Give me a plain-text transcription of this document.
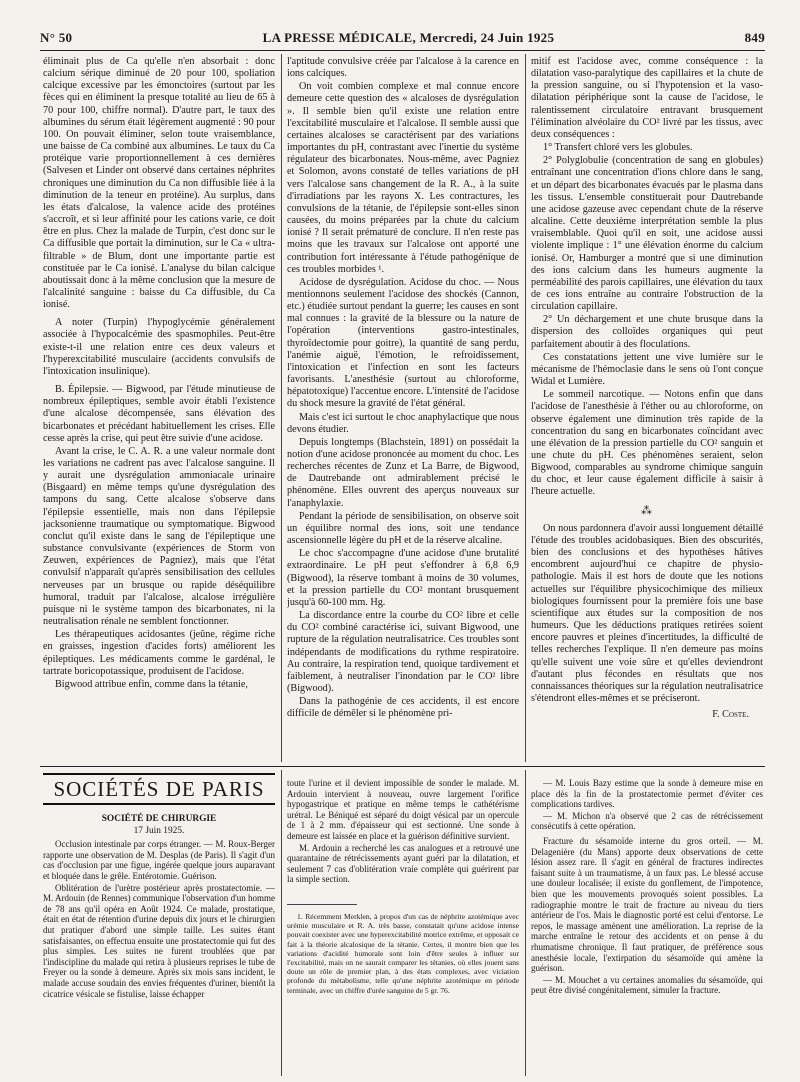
N° 50	LA PRESSE MÉDICALE, Mercredi, 24 Juin 1925	849

éliminait plus de Ca qu'elle n'en absorbait : donc calcium sérique diminué de 20 pour 100, spoliation calcique excessive par les émonctoires (surtout par les fèces qui en éliminent la presque totalité au lieu de 65 à 70 pour 100, chiffre normal). D'autre part, le taux des albumines du sérum était légèrement augmenté : 90 pour 100. On pouvait éliminer, selon toute vraisemblance, une baisse de Ca combiné aux albumines. Le taux du Ca protéique varie proportionnellement à ces dernières (Salvesen et Linder ont observé dans certaines néphrites chroniques une diminution du Ca non diffusible liée à la diminution de la teneur en protéine). Au surplus, dans les états d'alcalose, la valence acide des protéines s'accroît, et si leur affinité pour les cations varie, ce doit être en plus. Chez la malade de Turpin, c'est donc sur le Ca diffusible que portait la diminution, sur le Ca « ultra-filtrable » de Blum, dont une importante partie est constituée par le Ca ionisé. L'analyse du bilan calcique aboutissait donc à la même conclusion que la mesure de l'alcalinité sanguine : baisse du Ca diffusible, du Ca ionisé.

A noter (Turpin) l'hypoglycémie généralement associée à l'hypocalcémie des spasmophiles. Peut-être existe-t-il une relation entre ces deux valeurs et l'hyperexcitabilité musculaire (accidents convulsifs de l'intoxication insulinique).

B. Épilepsie. — Bigwood, par l'étude minutieuse de nombreux épileptiques, semble avoir établi l'existence d'une alcalose décompensée, sans élévation des bicarbonates et précédant habituellement les crises. Elle cesse après la crise, qui peut être suivie d'une acidose.

Avant la crise, le C. A. R. a une valeur normale dont les variations ne cadrent pas avec l'alcalose sanguine. Il y aurait une dysrégulation ammoniacale urinaire (Bisgaard) en même temps qu'une dysrégulation des tampons du sang. Cette alcalose s'observe dans l'épilepsie essentielle, mais non dans l'épilepsie jacksonienne traumatique ou symptomatique. Bigwood conclut qu'il existe dans le sang de l'épileptique une substance convulsivante (expériences de Storm von Zeuwen, expériences de Pagniez), mais que l'état convulsif n'apparaît qu'après sensibilisation des cellules nerveuses par un brusque ou rapide déséquilibre humoral, traduit par l'alcalose, alcalose irrégulière puisque ni le système tampon des bicarbonates, ni la neutralisation rénale ne semblent fonctionner.

Les thérapeutiques acidosantes (jeûne, régime riche en graisses, ingestion d'acides forts) améliorent les épileptiques. Les médicaments comme le gardénal, le tartrate boricopotassique, produisent de l'acidose.

Bigwood attribue enfin, comme dans la tétanie,

l'aptitude convulsive créée par l'alcalose à la carence en ions calciques.

On voit combien complexe et mal connue encore demeure cette question des « alcaloses de dysrégulation ». Il semble bien qu'il existe une relation entre l'excitabilité musculaire et l'alcalose. Il semble aussi que certaines alcaloses se caractérisent par des variations importantes du pH, contrastant avec l'inertie du système régulateur des bicarbonates. Nous-même, avec Pagniez et Solomon, avons constaté de telles variations de pH vers l'alcalose sans changement de la R. A., à la suite d'irradiations par les rayons X. Les contractures, les convulsions de la tétanie, de l'épilepsie sont-elles sinon causées, du moins préparées par la chute du calcium ionisé ? Il serait prématuré de conclure. Il n'en reste pas moins que les travaux sur l'alcalose ont apporté une contribution fort intéressante à l'étude pathogénique de ces troubles morbides ¹.

Acidose de dysrégulation. Acidose du choc. — Nous mentionnons seulement l'acidose des shockés (Cannon, etc.) étudiée surtout pendant la guerre; les causes en sont mal connues : la gravité de la blessure ou la nature de l'opération (interventions gastro-intestinales, thyroïdectomie pour goitre), la quantité de sang perdu, l'anémie aiguë, l'émotion, le refroidissement, l'intoxication et l'infection en sont les facteurs favorisants. L'anesthésie (surtout au chloroforme, hépatotoxique) l'accentue encore. L'intensité de l'acidose du shock mesure la gravité de l'état général.

Mais c'est ici surtout le choc anaphylactique que nous devons étudier.

Depuis longtemps (Blachstein, 1891) on possédait la notion d'une acidose prononcée au moment du choc. Les recherches récentes de Zunz et La Barre, de Bigwood, de Dautrebande ont admirablement précisé le phénomène. Elles ouvrent des aperçus nouveaux sur l'anaphylaxie.

Pendant la période de sensibilisation, on observe soit un équilibre normal des ions, soit une tendance ascensionnelle légère du pH et de la réserve alcaline.

Le choc s'accompagne d'une acidose d'une brutalité extraordinaire. Le pH peut s'effondrer à 6,8 6,9 (Bigwood), la réserve tombant à moins de 30 volumes, et la pression partielle du CO² montant brusquement jusqu'à 60-100 mm. Hg.

La discordance entre la courbe du CO² libre et celle du CO² combiné caractérise ici, suivant Bigwood, une rupture de la régulation neutralisatrice. Ces troubles sont indépendants de modifications du rythme respiratoire. Au contraire, la respiration tend, quoique tardivement et faiblement, à neutraliser l'inondation par le CO² libre (Bigwood).

Dans la pathogénie de ces accidents, il est encore difficile de démêler si le phénomène pri-

mitif est l'acidose avec, comme conséquence : la dilatation vaso-paralytique des capillaires et la chute de la pression sanguine, ou si l'hypotension et la vaso-dilatation périphérique sont la cause de l'acidose, le ralentissement circulatoire entravant brusquement l'élimination alvéolaire du CO² livré par les tissus, avec deux conséquences :

1° Transfert chloré vers les globules.

2° Polyglobulie (concentration de sang en globules) entraînant une concentration d'ions chlore dans le sang, et un départ des bicarbonates évacués par le plasma dans les tissus. L'ensemble constituerait pour Dautrebande une acidose gazeuse avec cependant chute de la réserve alcaline. Cette deuxième interprétation semble la plus vraisemblable. Quoi qu'il en soit, une acidose aussi violente implique : 1° une élévation énorme du calcium ionisé. Or, Hamburger a montré que si une diminution des ions calcium dans les humeurs augmente la perméabilité des parois capillaires, une élévation du taux de ces ions entraîne au contraire l'obstruction de la circulation capillaire.

2° Un déchargement et une chute brusque dans la dispersion des colloïdes organiques qui peut parfaitement aboutir à des floculations.

Ces constatations jettent une vive lumière sur le mécanisme de l'hémoclasie dans le sens où l'ont conçue Widal et Lumière.

Le sommeil narcotique. — Notons enfin que dans l'acidose de l'anesthésie à l'éther ou au chloroforme, on observe également une diminution très rapide de la concentration du sang en bicarbonates coïncidant avec une élévation de la pression partielle du CO² sanguin et une chute du pH. Ces phénomènes seraient, selon Bigwood, comparables au syndrome chimique sanguin du choc, et leur cause également difficile à saisir à l'heure actuelle.

⁂

On nous pardonnera d'avoir aussi longuement détaillé l'étude des troubles acidobasiques. Bien des obscurités, bien des conclusions et des hypothèses hâtives encombrent aujourd'hui ce chapitre de physio-pathologie. Mais il est hors de doute que les notions actuelles sur l'équilibre physicochimique des milieux biologiques fournissent pour la première fois une base scientifique aux études sur la composition de nos humeurs. Que les déductions pratiques retirées soient encore pauvres et pleines d'incertitudes, la difficulté de telles recherches l'explique. Il n'en demeure pas moins qu'elle suivent une voie sûre et qu'elles deviendront d'autant plus fécondes en résultats que nos connaissances théoriques sur la régulation neutralisatrice s'étendront elles-mêmes et se préciseront.

F. Coste.
SOCIÉTÉS DE PARIS
SOCIÉTÉ DE CHIRURGIE
17 Juin 1925.

Occlusion intestinale par corps étranger. — M. Roux-Berger rapporte une observation de M. Desplas (de Paris). Il s'agit d'un cas d'occlusion par une figue, ingérée quelque jours auparavant et bloquée dans le grêle. Entérotomie. Guérison.

Oblitération de l'urètre postérieur après prostatectomie. — M. Ardouin (de Rennes) communique l'observation d'un homme de 78 ans qu'il opéra en Août 1924. Ce malade, prostatique, était en état de rétention d'urine depuis dix jours et le chirurgien dut pratiquer d'abord une simple taille. Les suites étant satisfaisantes, on effectua ensuite une prostatectomie qui fut des plus simples. Les suites ne furent troublées que par l'indiscipline du malade qui retira à plusieurs reprises le tube de Freyer ou la sonde à demeure. Après six mois sans incident, le malade accuse soudain des envies fréquentes d'uriner, bientôt la cicatrice vésicale se fistulise, laisse échapper

toute l'urine et il devient impossible de sonder le malade. M. Ardouin intervient à nouveau, ouvre largement l'orifice hypogastrique et pratique en même temps le cathétérisme urétral. Le Béniqué est séparé du doigt vésical par un opercule de 1 à 2 mm. d'épaisseur qui est sectionné. Une sonde à demeure est laissée en place et la guérison définitive survient.

M. Ardouin a recherché les cas analogues et a retrouvé une quarantaine de rétrécissements ayant guéri par la dilatation, et seulement 7 cas d'oblitération vraie complète qui guérirent par la simple section.

1. Récemment Merklen, à propos d'un cas de néphrite azotémique avec urémie musculaire et R. A. très basse, constatait qu'une acidose intense pouvait coexister avec une hyperexcitabilité motrice extrême, et opposait ce fait à la théorie alcalosique de la tétanie. Certes, il montre bien que les variations d'acidité humorale sont loin d'être seules à influer sur l'excitabilité, mais on ne saurait comparer les tétanies, où elles jouent sans doute un rôle de premier plan, à des états complexes, avec viciation profonde du métabolisme, telle qu'une néphrite azotémique en période terminale, avec un chiffre d'urée sanguine de 5 gr. 76.

— M. Louis Bazy estime que la sonde à demeure mise en place dès la fin de la prostatectomie permet d'éviter ces complications tardives.

— M. Michon n'a observé que 2 cas de rétrécissement consécutifs à cette opération.

Fracture du sésamoïde interne du gros orteil. — M. Delagenière (du Mans) apporte deux observations de cette lésion assez rare. Il s'agit en général de fractures indirectes faisant suite à un traumatisme, à un faux pas. Le blessé accuse une douleur localisée; il existe du gonflement, de l'impotence, bien que les mouvements provoqués soient possibles. La radiographie montre le trait de fracture au niveau du tiers antérieur de l'os. Mais le diagnostic porté est celui d'entorse. Le repos, le massage amènent une amélioration. La reprise de la marche entraîne le retour des accidents et on pense à du rhumatisme chronique. Il faut pratiquer, de préférence sous anesthésie locale, l'extirpation du sésamoïde qui amène la guérison.

— M. Mouchet a vu certaines anomalies du sésamoïde, qui peut être divisé congénitalement, simuler la fracture.
